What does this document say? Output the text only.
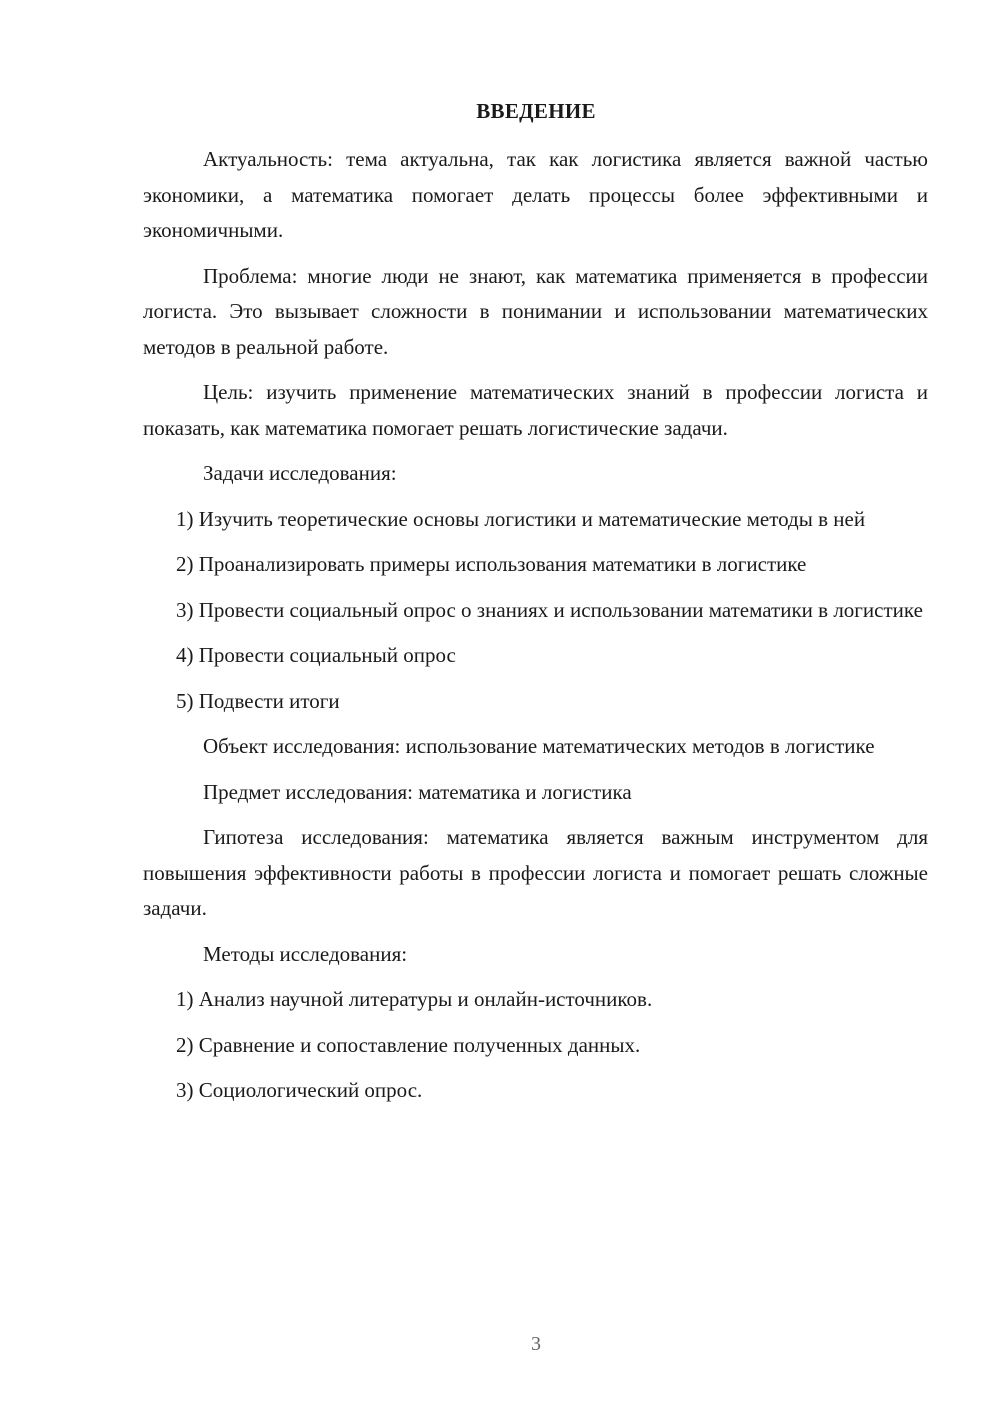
ВВЕДЕНИЕ

Актуальность: тема актуальна, так как логистика является важной частью экономики, а математика помогает делать процессы более эффективными и экономичными.

Проблема: многие люди не знают, как математика применяется в профессии логиста. Это вызывает сложности в понимании и использовании математических методов в реальной работе.

Цель: изучить применение математических знаний в профессии логиста и показать, как математика помогает решать логистические задачи.

Задачи исследования:

1) Изучить теоретические основы логистики и математические методы в ней

2) Проанализировать примеры использования математики в логистике

3) Провести социальный опрос о знаниях и использовании математики в логистике

4) Провести социальный опрос

5) Подвести итоги

Объект исследования: использование математических методов в логистике

Предмет исследования: математика и логистика

Гипотеза исследования: математика является важным инструментом для повышения эффективности работы в профессии логиста и помогает решать сложные задачи.

Методы исследования:

1) Анализ научной литературы и онлайн-источников.

2) Сравнение и сопоставление полученных данных.

3) Социологический опрос.

3
